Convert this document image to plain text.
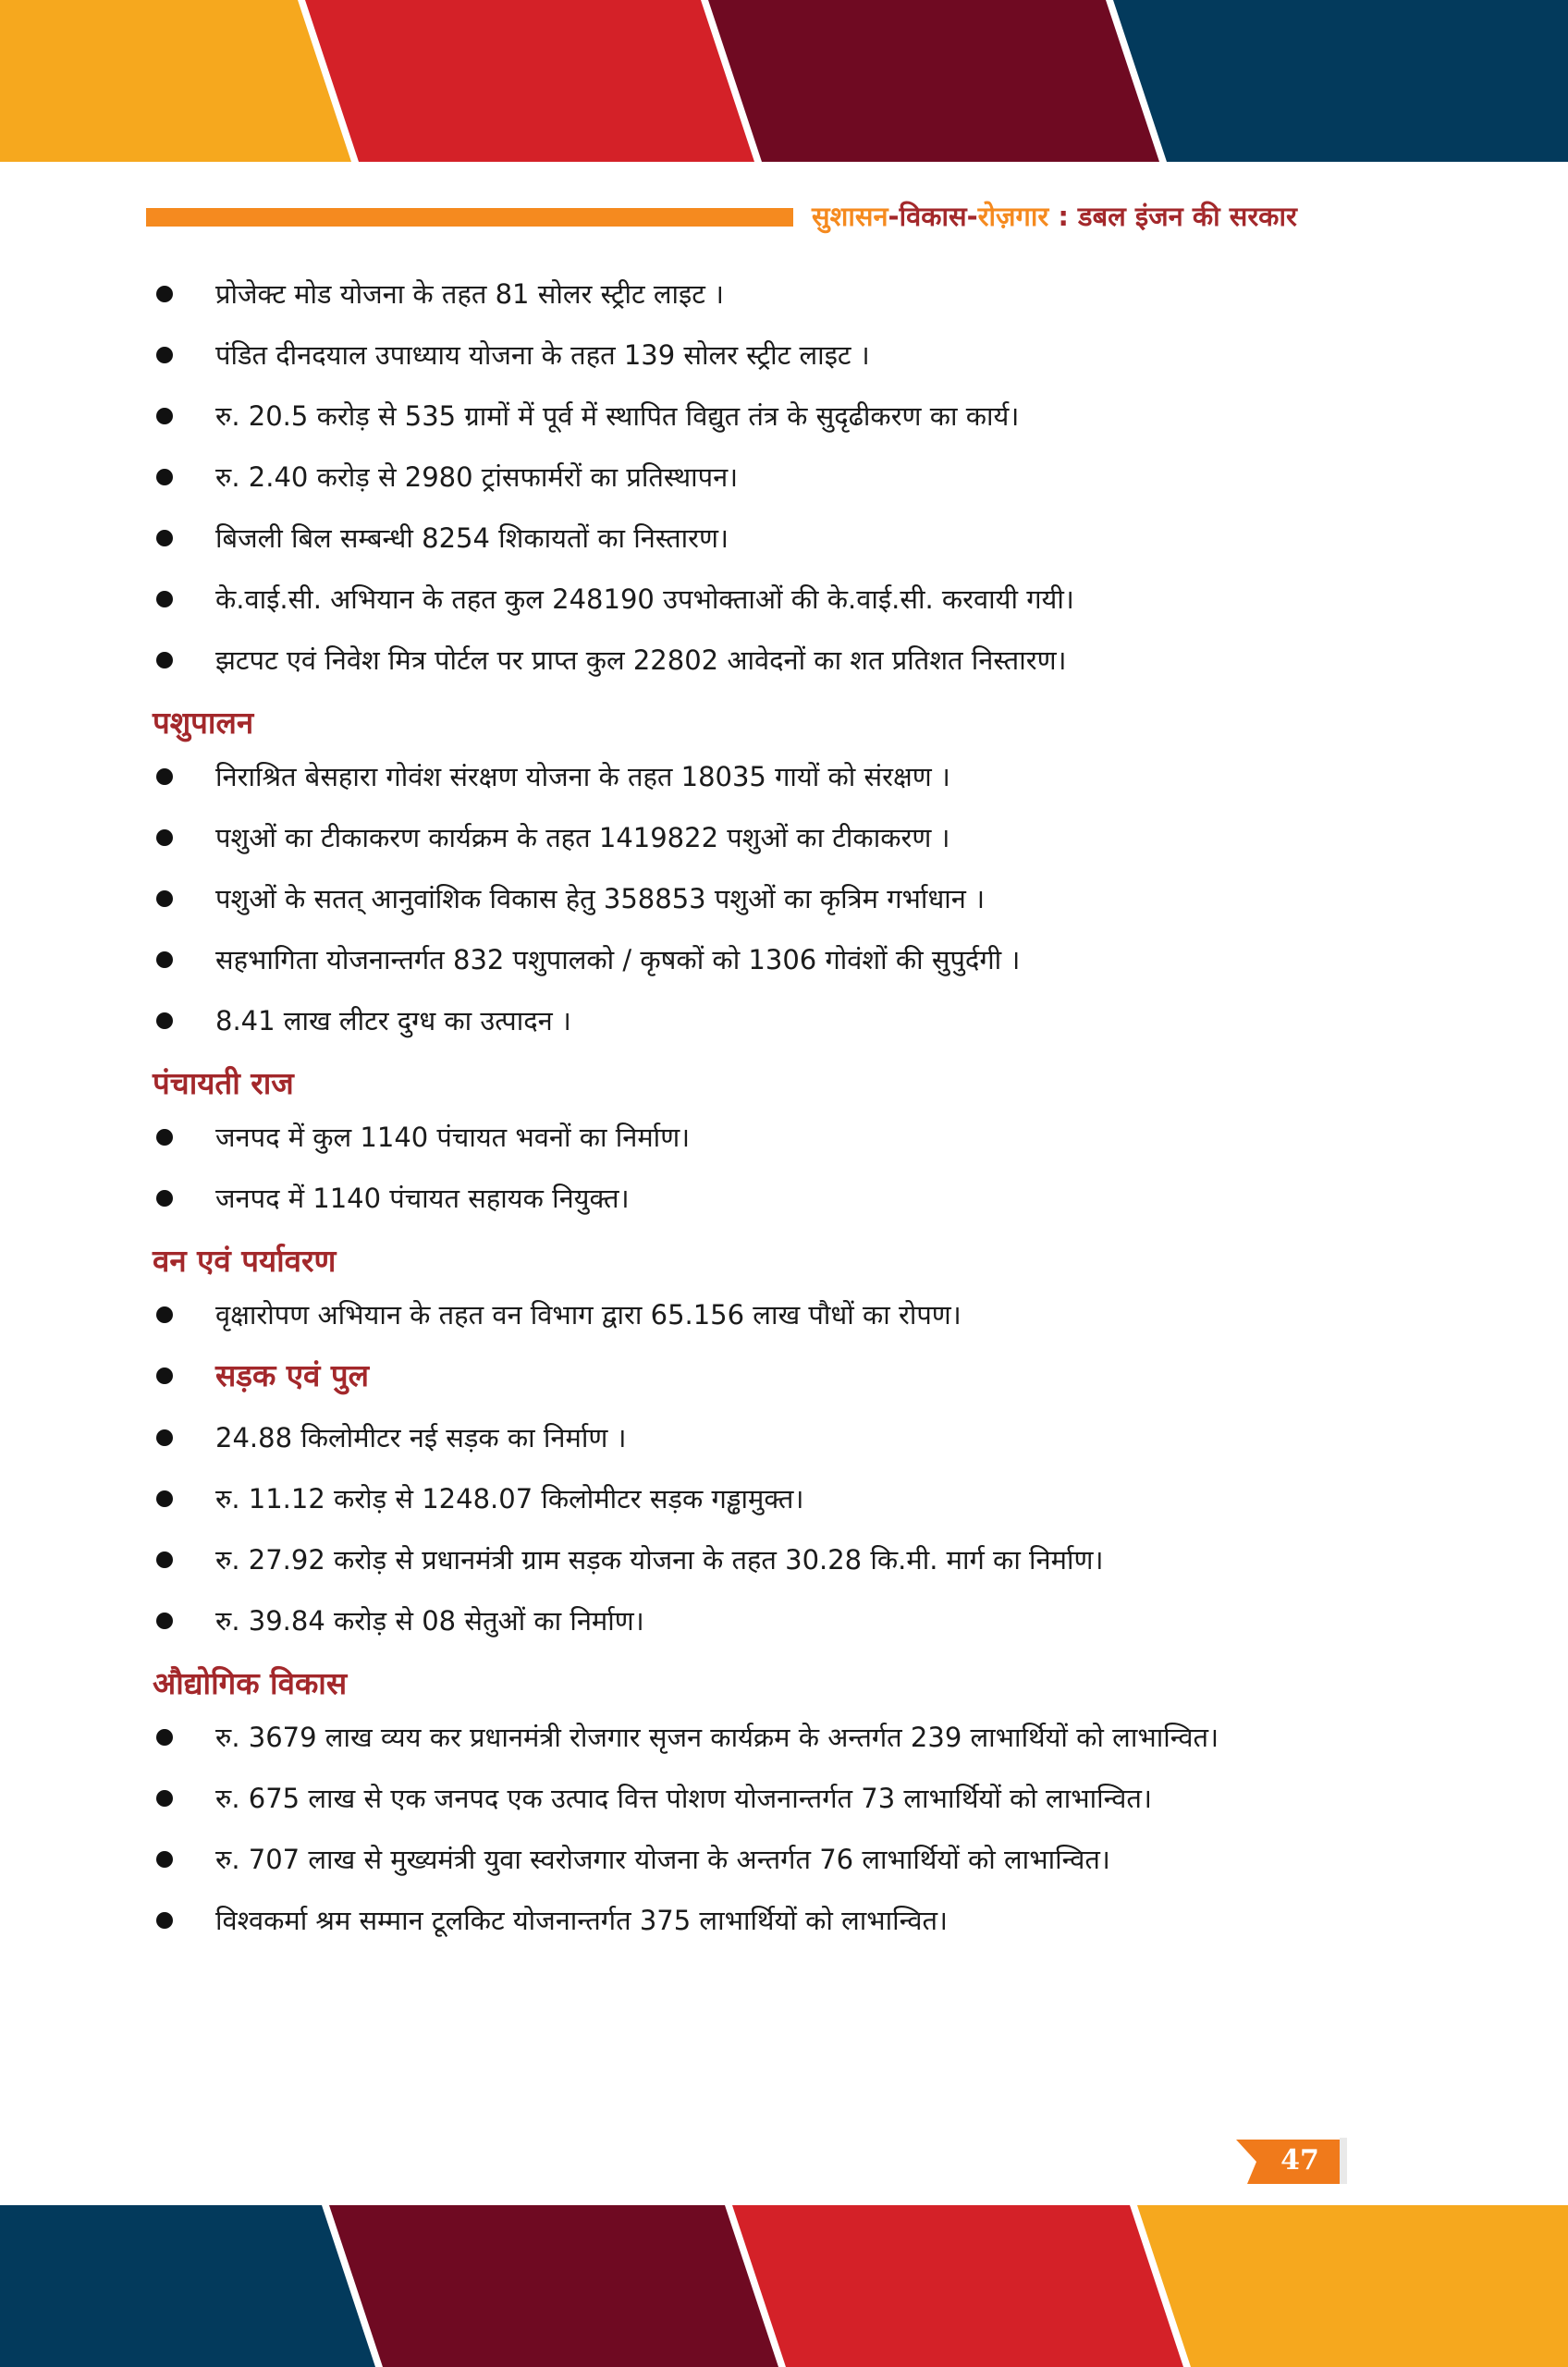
सुशासन-विकास-रोज़गार : डबल इंजन की सरकार
प्रोजेक्ट मोड योजना के तहत 81 सोलर स्ट्रीट लाइट ।
पंडित दीनदयाल उपाध्याय योजना के तहत 139 सोलर स्ट्रीट लाइट ।
रु. 20.5 करोड़ से 535 ग्रामों में पूर्व में स्थापित विद्युत तंत्र के सुदृढीकरण का कार्य।
रु. 2.40 करोड़ से 2980 ट्रांसफार्मरों का प्रतिस्थापन।
बिजली बिल सम्बन्धी 8254 शिकायतों का निस्तारण।
के.वाई.सी. अभियान के तहत कुल 248190 उपभोक्ताओं की के.वाई.सी. करवायी गयी।
झटपट एवं निवेश मित्र पोर्टल पर प्राप्त कुल 22802 आवेदनों का शत प्रतिशत निस्तारण।
पशुपालन
निराश्रित बेसहारा गोवंश संरक्षण योजना के तहत 18035 गायों को संरक्षण ।
पशुओं का टीकाकरण कार्यक्रम के तहत 1419822 पशुओं का टीकाकरण ।
पशुओं के सतत् आनुवांशिक विकास हेतु 358853 पशुओं का कृत्रिम गर्भाधान ।
सहभागिता योजनान्तर्गत 832 पशुपालको / कृषकों को 1306 गोवंशों की सुपुर्दगी ।
8.41 लाख लीटर दुग्ध का उत्पादन ।
पंचायती राज
जनपद में कुल 1140 पंचायत भवनों का निर्माण।
जनपद में 1140 पंचायत सहायक नियुक्त।
वन एवं पर्यावरण
वृक्षारोपण अभियान के तहत वन विभाग द्वारा 65.156 लाख पौधों का रोपण।
सड़क एवं पुल
24.88 किलोमीटर नई सड़क का निर्माण ।
रु. 11.12 करोड़ से 1248.07 किलोमीटर सड़क गड्ढामुक्त।
रु. 27.92 करोड़ से प्रधानमंत्री ग्राम सड़क योजना के तहत 30.28 कि.मी. मार्ग का निर्माण।
रु. 39.84 करोड़ से 08 सेतुओं का निर्माण।
औद्योगिक विकास
रु. 3679 लाख व्यय कर प्रधानमंत्री रोजगार सृजन कार्यक्रम के अन्तर्गत 239 लाभार्थियों को लाभान्वित।
रु. 675 लाख से एक जनपद एक उत्पाद वित्त पोशण योजनान्तर्गत 73 लाभार्थियों को लाभान्वित।
रु. 707 लाख से मुख्यमंत्री युवा स्वरोजगार योजना के अन्तर्गत 76 लाभार्थियों को लाभान्वित।
विश्वकर्मा श्रम सम्मान टूलकिट योजनान्तर्गत 375 लाभार्थियों को लाभान्वित।
47
